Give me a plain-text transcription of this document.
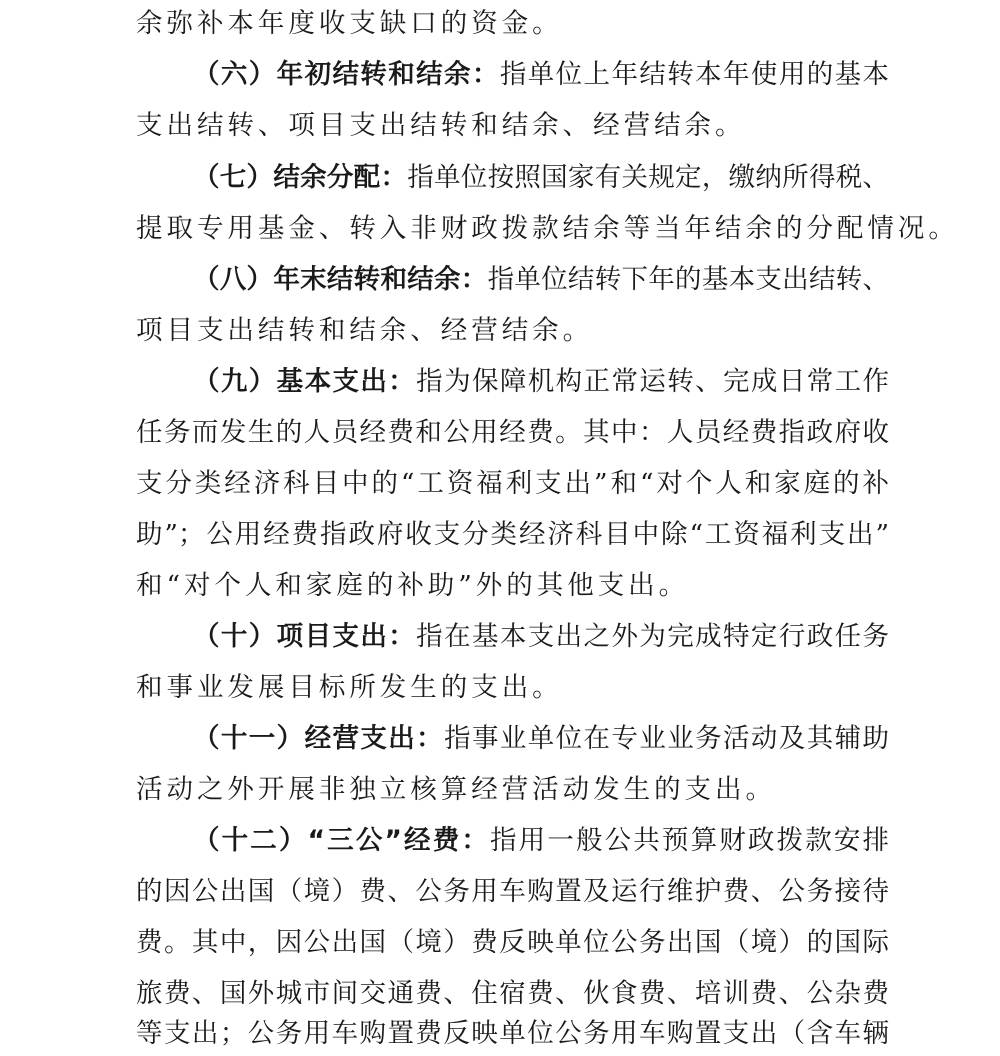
余弥补本年度收支缺口的资金。
（六）年初结转和结余：指单位上年结转本年使用的基本
支出结转、项目支出结转和结余、经营结余。
（七）结余分配：指单位按照国家有关规定，缴纳所得税、
提取专用基金、转入非财政拨款结余等当年结余的分配情况。
（八）年末结转和结余：指单位结转下年的基本支出结转、
项目支出结转和结余、经营结余。
（九）基本支出：指为保障机构正常运转、完成日常工作
任务而发生的人员经费和公用经费。其中：人员经费指政府收
支分类经济科目中的“工资福利支出”和“对个人和家庭的补
助”；公用经费指政府收支分类经济科目中除“工资福利支出”
和“对个人和家庭的补助”外的其他支出。
（十）项目支出：指在基本支出之外为完成特定行政任务
和事业发展目标所发生的支出。
（十一）经营支出：指事业单位在专业业务活动及其辅助
活动之外开展非独立核算经营活动发生的支出。
（十二）“三公”经费：指用一般公共预算财政拨款安排
的因公出国（境）费、公务用车购置及运行维护费、公务接待
费。其中，因公出国（境）费反映单位公务出国（境）的国际
旅费、国外城市间交通费、住宿费、伙食费、培训费、公杂费
等支出；公务用车购置费反映单位公务用车购置支出（含车辆
